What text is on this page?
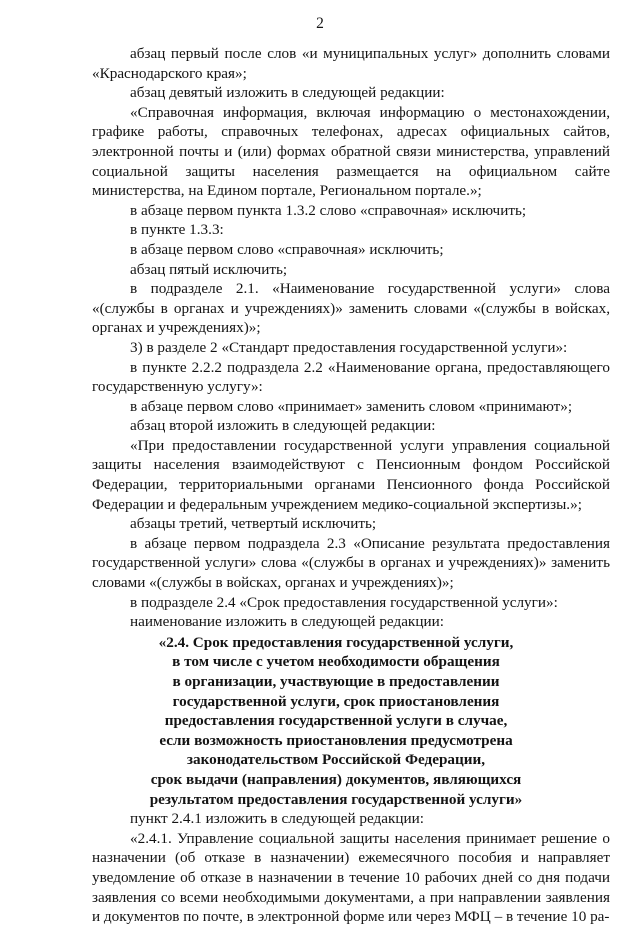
2

абзац первый после слов «и муниципальных услуг» дополнить словами «Краснодарского края»;

абзац девятый изложить в следующей редакции:

«Справочная информация, включая информацию о местонахождении, графике работы, справочных телефонах, адресах официальных сайтов, электронной почты и (или) формах обратной связи министерства, управлений социальной защиты населения размещается на официальном сайте министерства, на Едином портале, Региональном портале.»;

в абзаце первом пункта 1.3.2 слово «справочная» исключить;

в пункте 1.3.3:

в абзаце первом слово «справочная» исключить;

абзац пятый исключить;

в подразделе 2.1. «Наименование государственной услуги» слова «(службы в органах и учреждениях)» заменить словами «(службы в войсках, органах и учреждениях)»;

3) в разделе 2 «Стандарт предоставления государственной услуги»:

в пункте 2.2.2 подраздела 2.2 «Наименование органа, предоставляющего государственную услугу»:

в абзаце первом слово «принимает» заменить словом «принимают»;

абзац второй изложить в следующей редакции:

«При предоставлении государственной услуги управления социальной защиты населения взаимодействуют с Пенсионным фондом Российской Федерации, территориальными органами Пенсионного фонда Российской Федерации и федеральным учреждением медико-социальной экспертизы.»;

абзацы третий, четвертый исключить;

в абзаце первом подраздела 2.3 «Описание результата предоставления государственной услуги» слова «(службы в органах и учреждениях)» заменить словами «(службы в войсках, органах и учреждениях)»;

в подразделе 2.4 «Срок предоставления государственной услуги»:

наименование изложить в следующей редакции:

«2.4. Срок предоставления государственной услуги,

в том числе с учетом необходимости обращения

в организации, участвующие в предоставлении

государственной услуги, срок приостановления

предоставления государственной услуги в случае,

если возможность приостановления предусмотрена

законодательством Российской Федерации,

срок выдачи (направления) документов, являющихся

результатом предоставления государственной услуги»

пункт 2.4.1 изложить в следующей редакции:

«2.4.1. Управление социальной защиты населения принимает решение о назначении (об отказе в назначении) ежемесячного пособия и направляет уведомление об отказе в назначении в течение 10 рабочих дней со дня подачи заявления со всеми необходимыми документами, а при направлении заявления и документов по почте, в электронной форме или через МФЦ – в течение 10 ра-
